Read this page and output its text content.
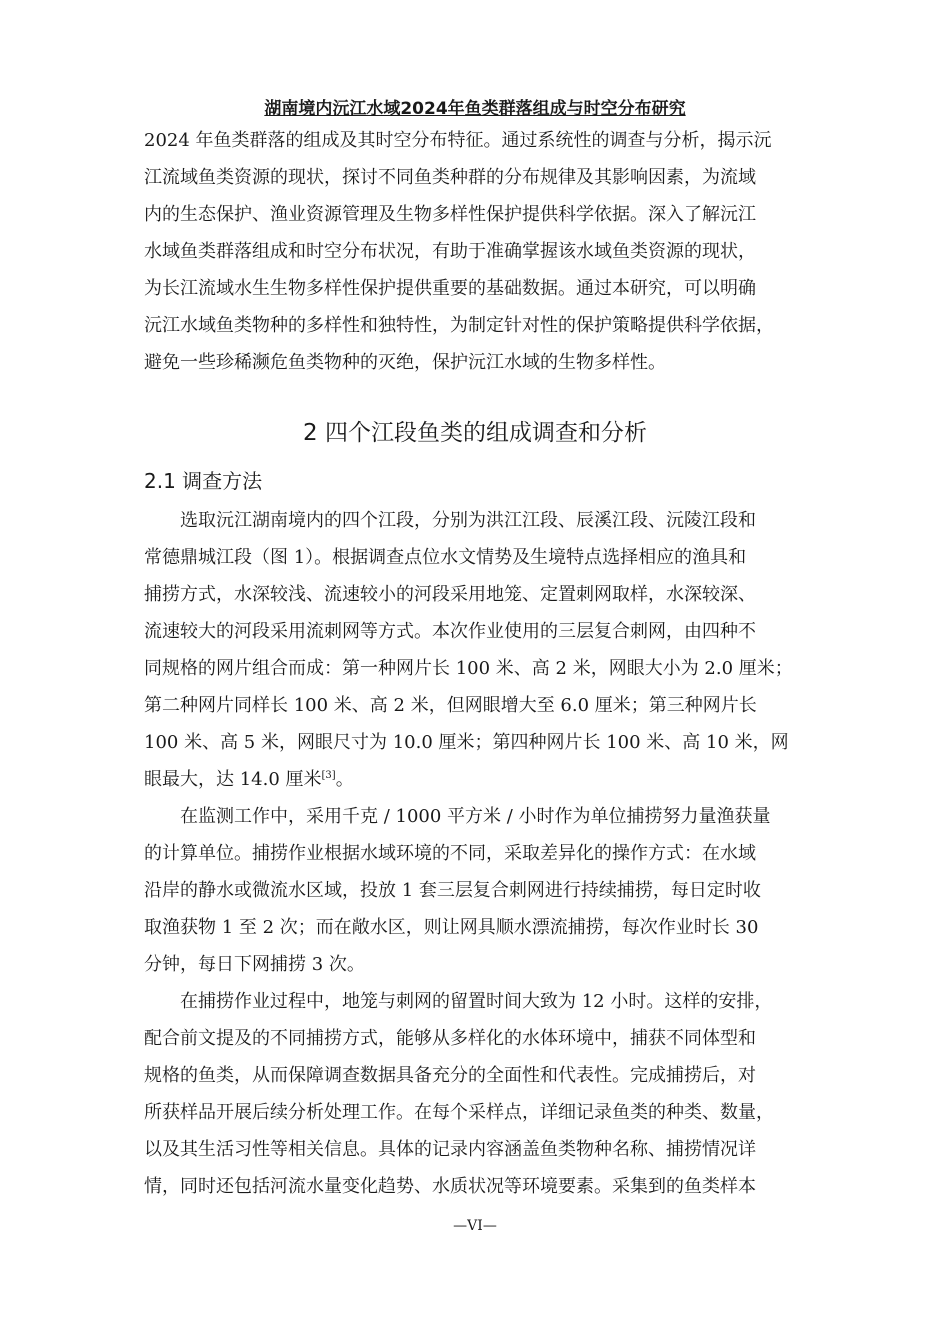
湖南境内沅江水域2024年鱼类群落组成与时空分布研究

2024 年鱼类群落的组成及其时空分布特征。通过系统性的调查与分析，揭示沅
江流域鱼类资源的现状，探讨不同鱼类种群的分布规律及其影响因素，为流域
内的生态保护、渔业资源管理及生物多样性保护提供科学依据。深入了解沅江
水域鱼类群落组成和时空分布状况，有助于准确掌握该水域鱼类资源的现状，
为长江流域水生生物多样性保护提供重要的基础数据。通过本研究，可以明确
沅江水域鱼类物种的多样性和独特性，为制定针对性的保护策略提供科学依据，
避免一些珍稀濒危鱼类物种的灭绝，保护沅江水域的生物多样性。

2 四个江段鱼类的组成调查和分析
2.1 调查方法

选取沅江湖南境内的四个江段，分别为洪江江段、辰溪江段、沅陵江段和
常德鼎城江段（图 1）。根据调查点位水文情势及生境特点选择相应的渔具和
捕捞方式，水深较浅、流速较小的河段采用地笼、定置刺网取样，水深较深、
流速较大的河段采用流刺网等方式。本次作业使用的三层复合刺网，由四种不
同规格的网片组合而成：第一种网片长 100 米、高 2 米，网眼大小为 2.0 厘米；
第二种网片同样长 100 米、高 2 米，但网眼增大至 6.0 厘米；第三种网片长
100 米、高 5 米，网眼尺寸为 10.0 厘米；第四种网片长 100 米、高 10 米，网
眼最大，达 14.0 厘米[3]。

在监测工作中，采用千克 / 1000 平方米 / 小时作为单位捕捞努力量渔获量
的计算单位。捕捞作业根据水域环境的不同，采取差异化的操作方式：在水域
沿岸的静水或微流水区域，投放 1 套三层复合刺网进行持续捕捞，每日定时收
取渔获物 1 至 2 次；而在敞水区，则让网具顺水漂流捕捞，每次作业时长 30
分钟，每日下网捕捞 3 次。

在捕捞作业过程中，地笼与刺网的留置时间大致为 12 小时。这样的安排，
配合前文提及的不同捕捞方式，能够从多样化的水体环境中，捕获不同体型和
规格的鱼类，从而保障调查数据具备充分的全面性和代表性。完成捕捞后，对
所获样品开展后续分析处理工作。在每个采样点，详细记录鱼类的种类、数量，
以及其生活习性等相关信息。具体的记录内容涵盖鱼类物种名称、捕捞情况详
情，同时还包括河流水量变化趋势、水质状况等环境要素。采集到的鱼类样本

—VI—
